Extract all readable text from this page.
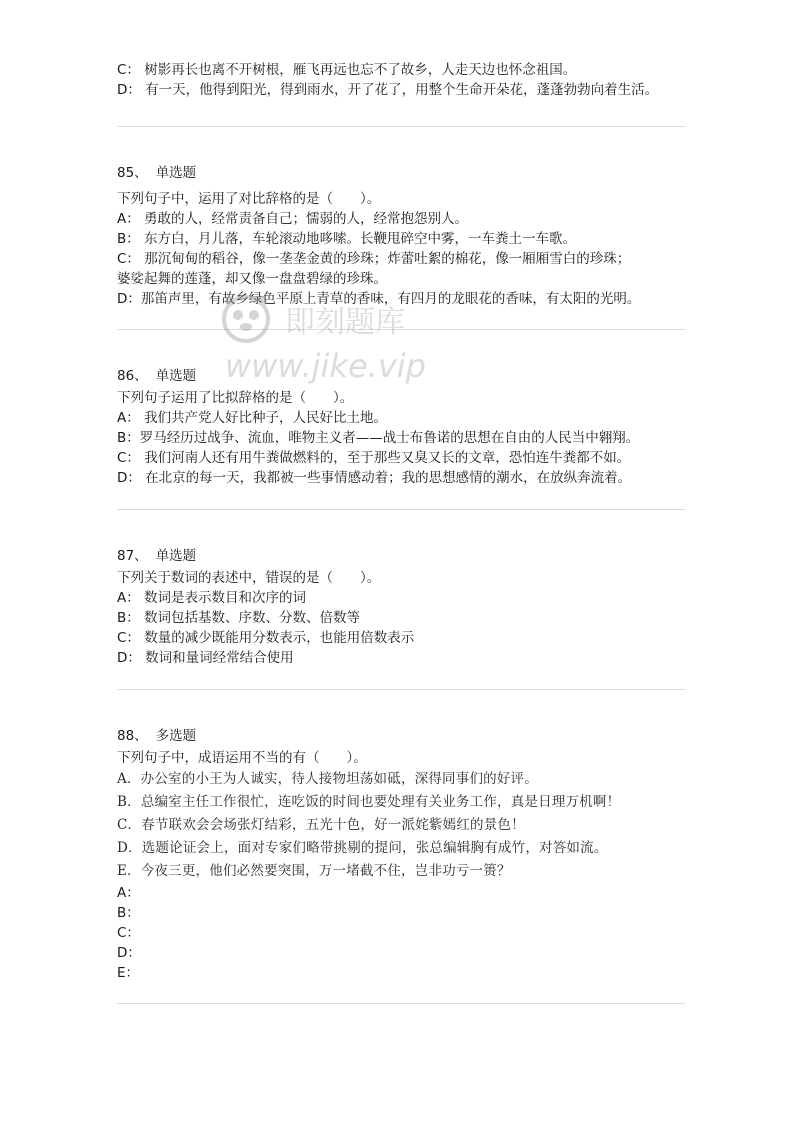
C： 树影再长也离不开树根，雁飞再远也忘不了故乡，人走天边也怀念祖国。
D： 有一天，他得到阳光，得到雨水，开了花了，用整个生命开朵花，蓬蓬勃勃向着生活。
85、 单选题
下列句子中，运用了对比辞格的是（　　）。
A： 勇敢的人，经常责备自己；懦弱的人，经常抱怨别人。
B： 东方白，月儿落，车轮滚动地哆嗦。长鞭甩碎空中雾，一车粪土一车歌。
C： 那沉甸甸的稻谷，像一垄垄金黄的珍珠；炸蕾吐絮的棉花，像一厢厢雪白的珍珠；
婆娑起舞的莲蓬，却又像一盘盘碧绿的珍珠。
D：那笛声里，有故乡绿色平原上青草的香味，有四月的龙眼花的香味，有太阳的光明。
86、 单选题
下列句子运用了比拟辞格的是（　　）。
A： 我们共产党人好比种子，人民好比土地。
B：罗马经历过战争、流血，唯物主义者——战士布鲁诺的思想在自由的人民当中翱翔。
C： 我们河南人还有用牛粪做燃料的，至于那些又臭又长的文章，恐怕连牛粪都不如。
D： 在北京的每一天，我都被一些事情感动着；我的思想感情的潮水，在放纵奔流着。
87、 单选题
下列关于数词的表述中，错误的是（　　）。
A： 数词是表示数目和次序的词
B： 数词包括基数、序数、分数、倍数等
C： 数量的减少既能用分数表示，也能用倍数表示
D： 数词和量词经常结合使用
88、 多选题
下列句子中，成语运用不当的有（　　）。
A．办公室的小王为人诚实，待人接物坦荡如砥，深得同事们的好评。
B．总编室主任工作很忙，连吃饭的时间也要处理有关业务工作，真是日理万机啊！
C．春节联欢会会场张灯结彩，五光十色，好一派姹紫嫣红的景色！
D．选题论证会上，面对专家们略带挑剔的提问，张总编辑胸有成竹，对答如流。
E．今夜三更，他们必然要突围，万一堵截不住，岂非功亏一篑？
A：
B：
C：
D：
E：
即刻题库
www.jike.vip
